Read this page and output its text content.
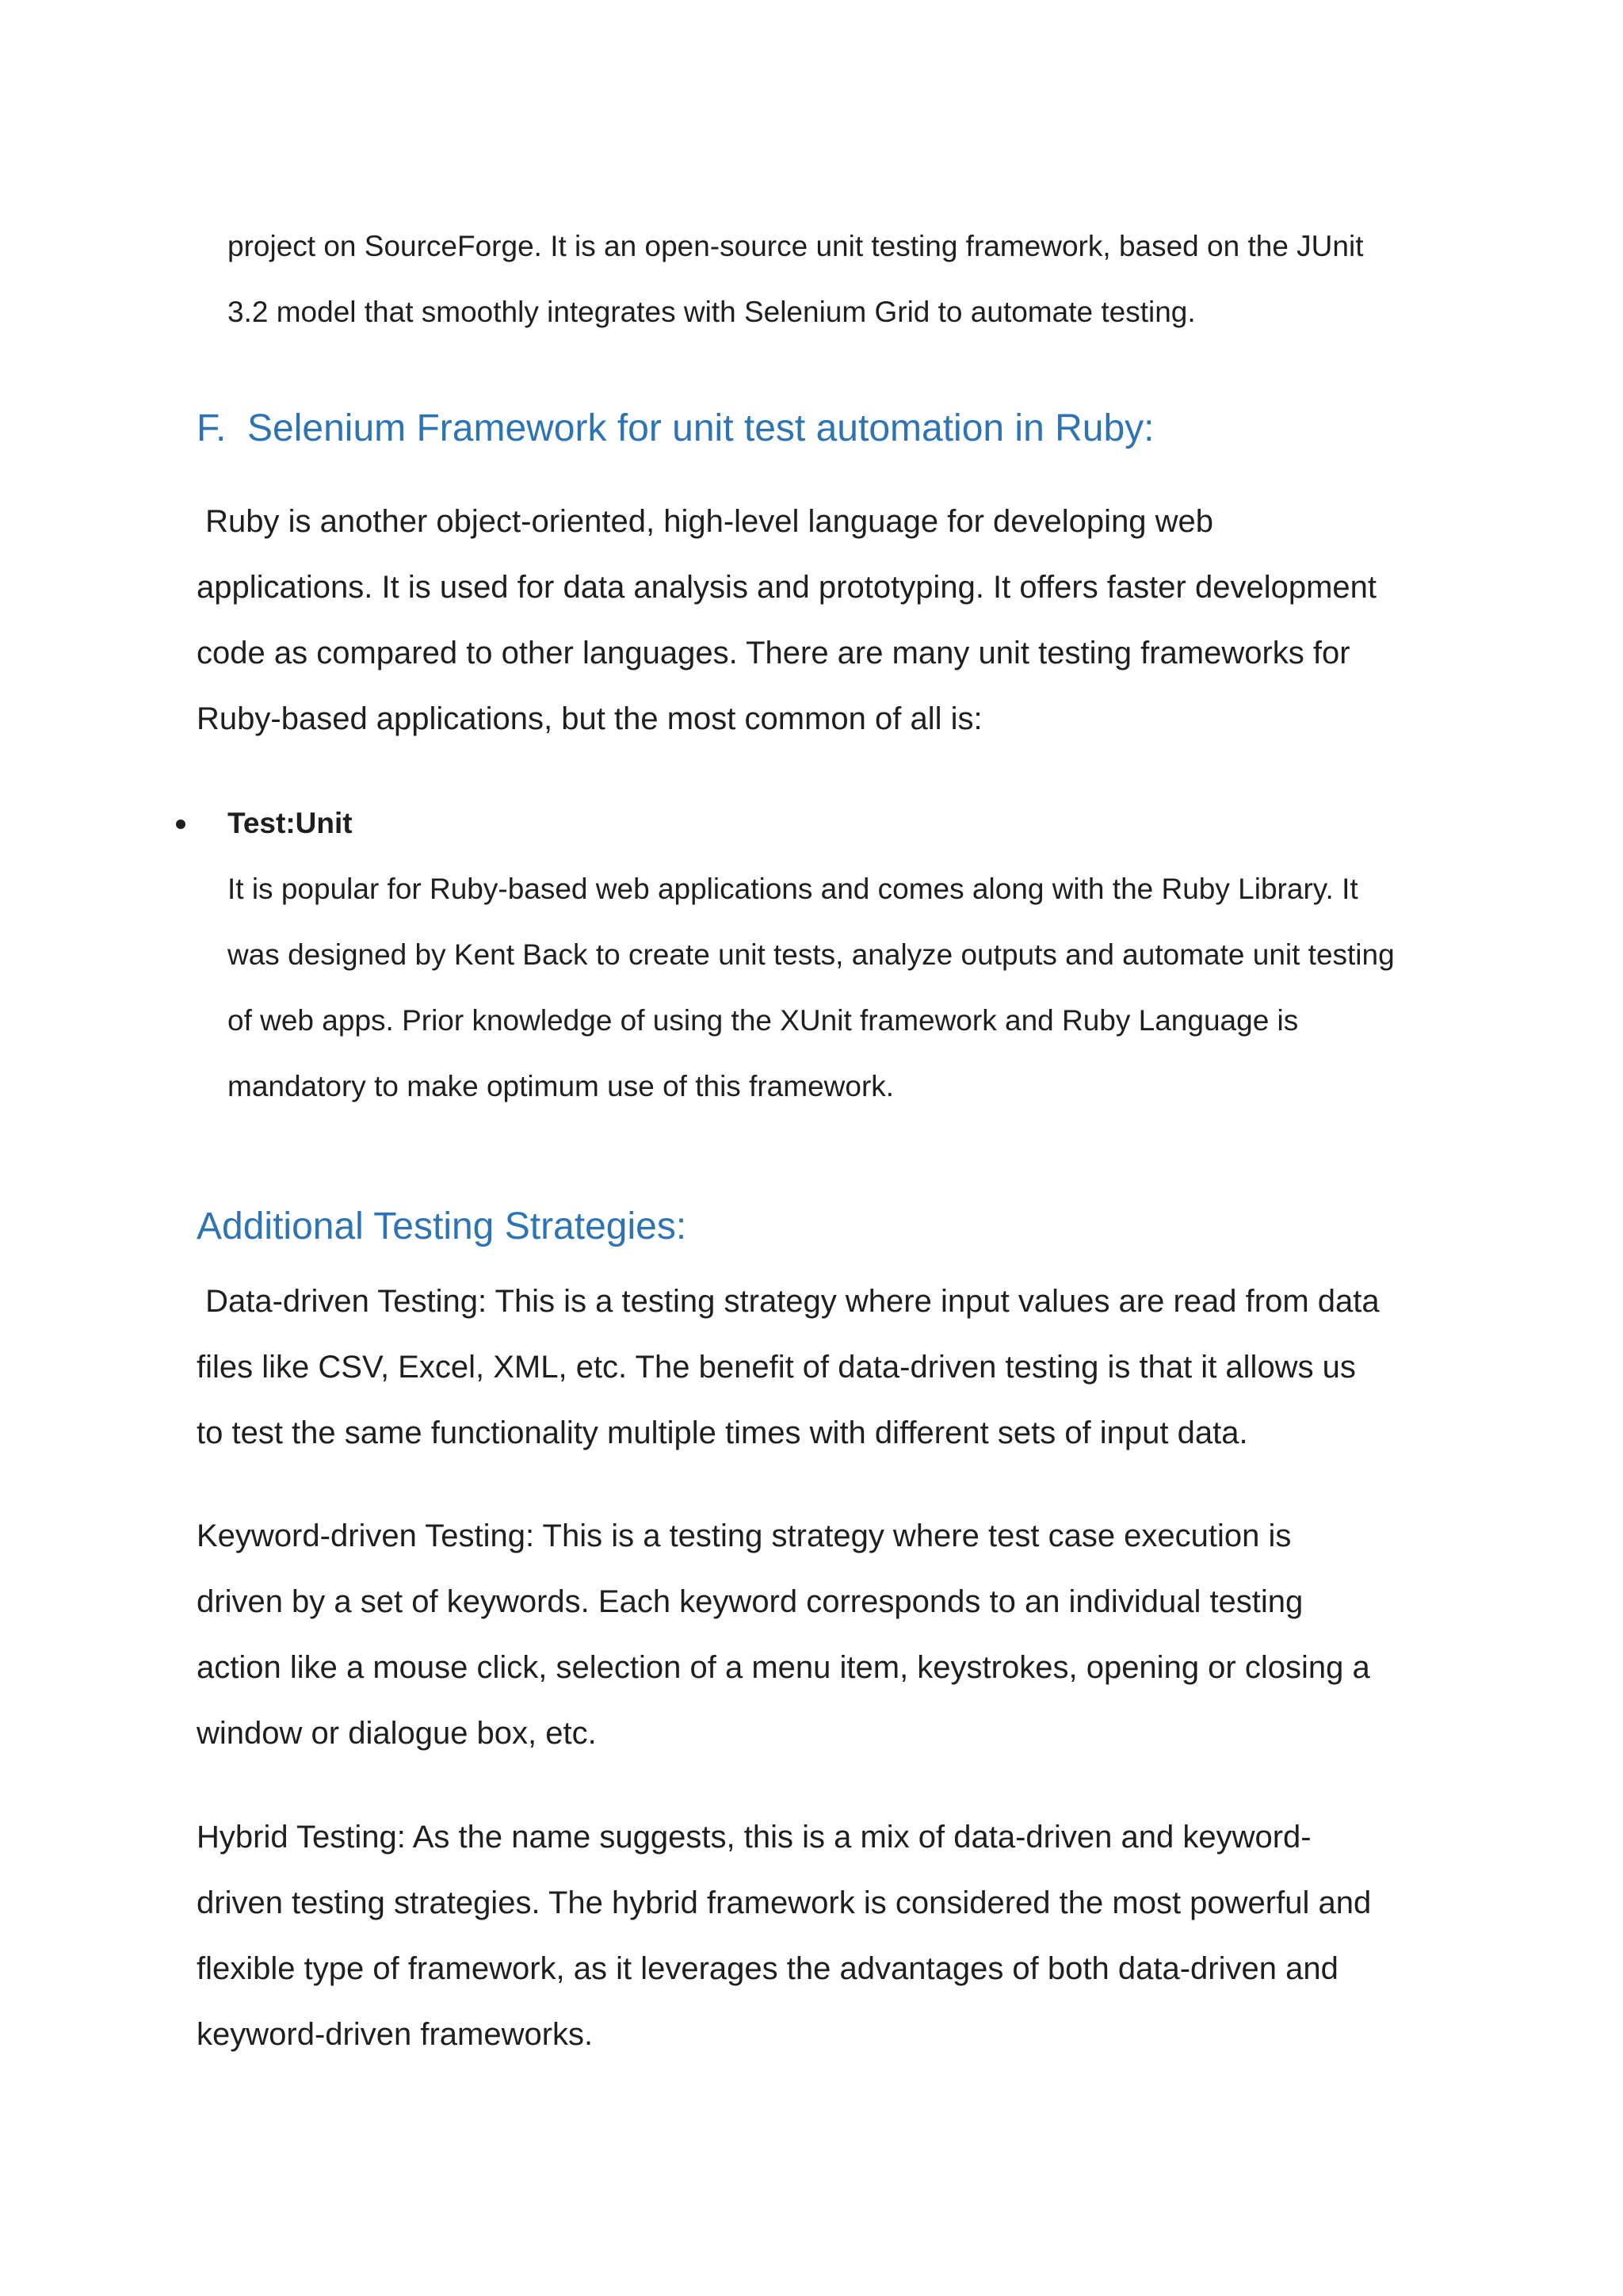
project on SourceForge. It is an open-source unit testing framework, based on the JUnit
3.2 model that smoothly integrates with Selenium Grid to automate testing.
F.  Selenium Framework for unit test automation in Ruby:
Ruby is another object-oriented, high-level language for developing web
applications. It is used for data analysis and prototyping. It offers faster development
code as compared to other languages. There are many unit testing frameworks for
Ruby-based applications, but the most common of all is:
Test:Unit
It is popular for Ruby-based web applications and comes along with the Ruby Library. It
was designed by Kent Back to create unit tests, analyze outputs and automate unit testing
of web apps. Prior knowledge of using the XUnit framework and Ruby Language is
mandatory to make optimum use of this framework.
Additional Testing Strategies:
Data-driven Testing: This is a testing strategy where input values are read from data
files like CSV, Excel, XML, etc. The benefit of data-driven testing is that it allows us
to test the same functionality multiple times with different sets of input data.
Keyword-driven Testing: This is a testing strategy where test case execution is
driven by a set of keywords. Each keyword corresponds to an individual testing
action like a mouse click, selection of a menu item, keystrokes, opening or closing a
window or dialogue box, etc.
Hybrid Testing: As the name suggests, this is a mix of data-driven and keyword-
driven testing strategies. The hybrid framework is considered the most powerful and
flexible type of framework, as it leverages the advantages of both data-driven and
keyword-driven frameworks.
